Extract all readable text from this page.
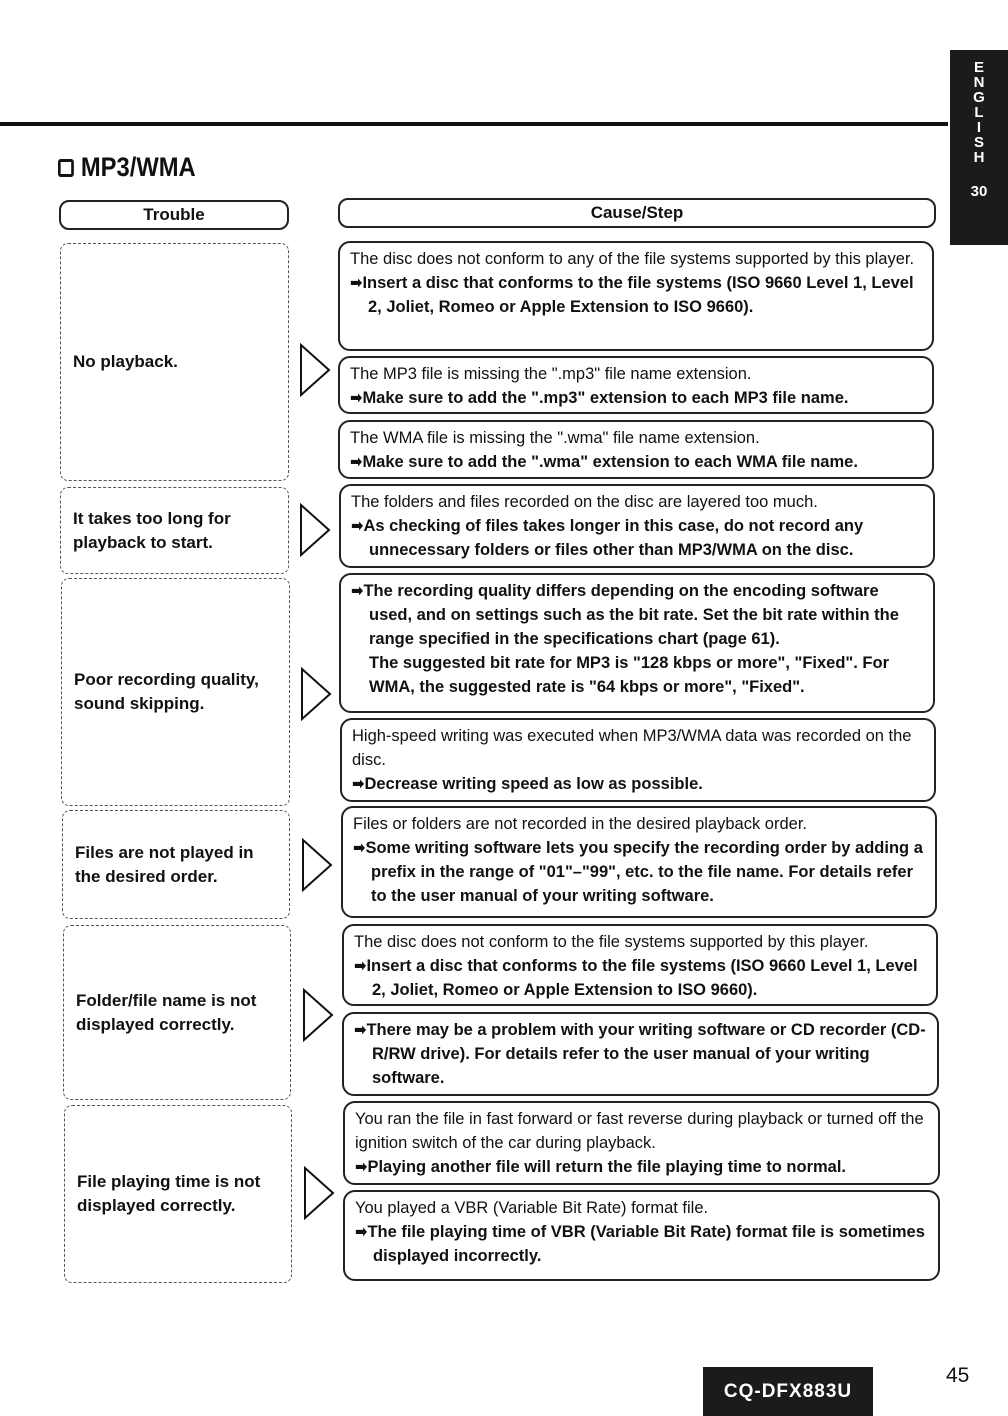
E
N
G
L
I
S
H
30
MP3/WMA
Trouble	Cause/Step
No playback.
It takes too long for
playback to start.
Poor recording quality,
sound skipping.
Files are not played in
the desired order.
Folder/file name is not
displayed correctly.
File playing time is not
displayed correctly.
The disc does not conform to any of the file systems supported by this player.
➡Insert a disc that conforms to the file systems (ISO 9660 Level 1, Level 2, Joliet, Romeo or Apple Extension to ISO 9660).
The MP3 file is missing the ".mp3" file name extension.
➡Make sure to add the ".mp3" extension to each MP3 file name.
The WMA file is missing the ".wma" file name extension.
➡Make sure to add the ".wma" extension to each WMA file name.
The folders and files recorded on the disc are layered too much.
➡As checking of files takes longer in this case, do not record any unnecessary folders or files other than MP3/WMA on the disc.
➡The recording quality differs depending on the encoding software used, and on settings such as the bit rate. Set the bit rate within the range specified in the specifications chart (page 61).
The suggested bit rate for MP3 is "128 kbps or more", "Fixed". For WMA, the suggested rate is "64 kbps or more", "Fixed".
High-speed writing was executed when MP3/WMA data was recorded on the disc.
➡Decrease writing speed as low as possible.
Files or folders are not recorded in the desired playback order.
➡Some writing software lets you specify the recording order by adding a prefix in the range of "01"–"99", etc. to the file name. For details refer to the user manual of your writing software.
The disc does not conform to the file systems supported by this player.
➡Insert a disc that conforms to the file systems (ISO 9660 Level 1, Level 2, Joliet, Romeo or Apple Extension to ISO 9660).
➡There may be a problem with your writing software or CD recorder (CD-R/RW drive). For details refer to the user manual of your writing software.
You ran the file in fast forward or fast reverse during playback or turned off the ignition switch of the car during playback.
➡Playing another file will return the file playing time to normal.
You played a VBR (Variable Bit Rate) format file.
➡The file playing time of VBR (Variable Bit Rate) format file is sometimes displayed incorrectly.
CQ-DFX883U
45
